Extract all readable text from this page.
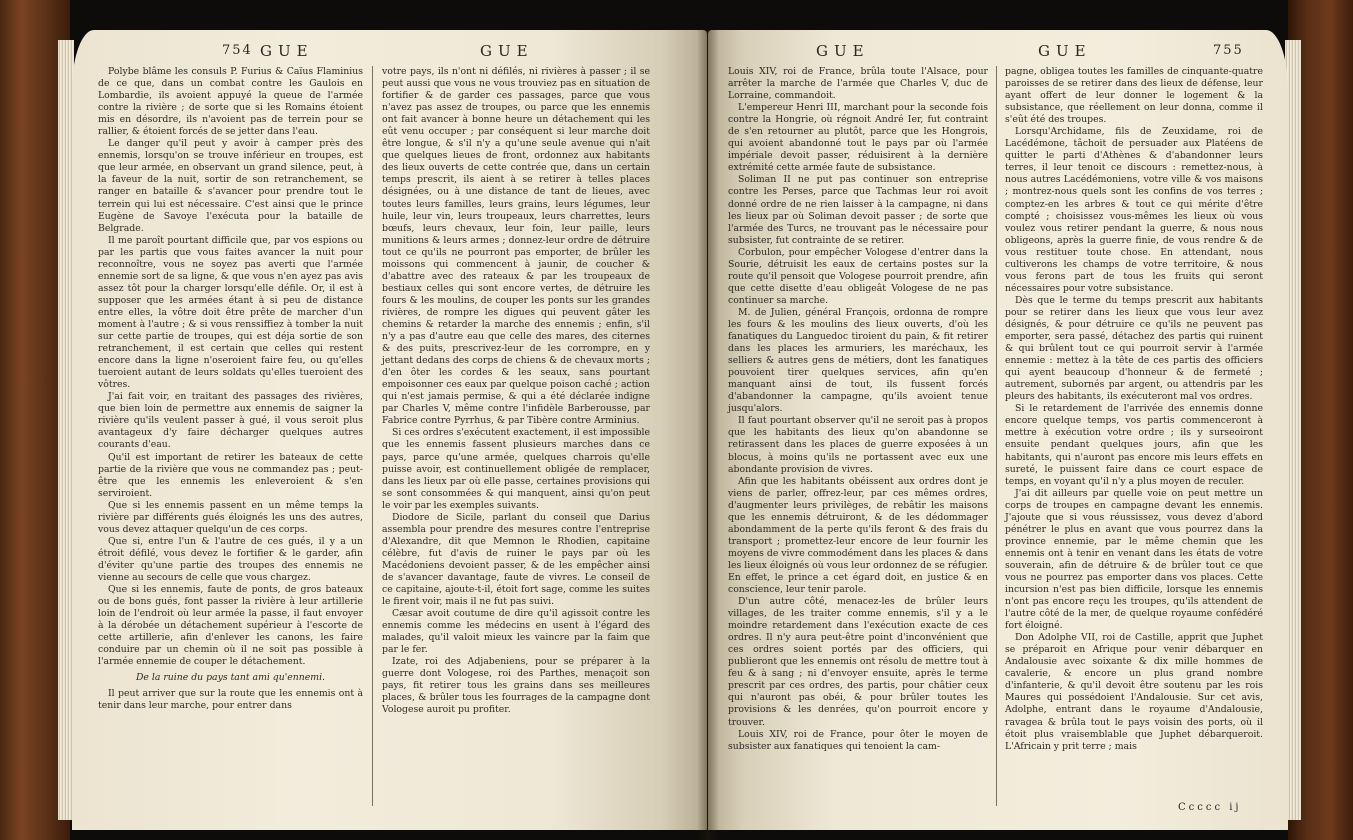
754 GUE	GUE

Polybe blâme les consuls P. Furius & Caïus Flaminius de ce que, dans un combat contre les Gaulois en Lombardie, ils avoient appuyé la queue de l'armée contre la rivière ; de sorte que si les Romains étoient mis en désordre, ils n'avoient pas de terrein pour se rallier, & étoient forcés de se jetter dans l'eau.

Le danger qu'il peut y avoir à camper près des ennemis, lorsqu'on se trouve inférieur en troupes, est que leur armée, en observant un grand silence, peut, à la faveur de la nuit, sortir de son retranchement, se ranger en bataille & s'avancer pour prendre tout le terrein qui lui est nécessaire. C'est ainsi que le prince Eugène de Savoye l'exécuta pour la bataille de Belgrade.

Il me paroît pourtant difficile que, par vos espions ou par les partis que vous faites avancer la nuit pour reconnoître, vous ne soyez pas averti que l'armée ennemie sort de sa ligne, & que vous n'en ayez pas avis assez tôt pour la charger lorsqu'elle défile. Or, il est à supposer que les armées étant à si peu de distance entre elles, la vôtre doit être prête de marcher d'un moment à l'autre ; & si vous renssiffiez à tomber la nuit sur cette partie de troupes, qui est déja sortie de son retranchement, il est certain que celles qui restent encore dans la ligne n'oseroient faire feu, ou qu'elles tueroient autant de leurs soldats qu'elles tueroient des vôtres.

J'ai fait voir, en traitant des passages des rivières, que bien loin de permettre aux ennemis de saigner la rivière qu'ils veulent passer à gué, il vous seroit plus avantageux d'y faire décharger quelques autres courants d'eau.

Qu'il est important de retirer les bateaux de cette partie de la rivière que vous ne commandez pas ; peut-être que les ennemis les enleveroient & s'en serviroient.

Que si les ennemis passent en un même temps la rivière par différents gués éloignés les uns des autres, vous devez attaquer quelqu'un de ces corps.

Que si, entre l'un & l'autre de ces gués, il y a un étroit défilé, vous devez le fortifier & le garder, afin d'éviter qu'une partie des troupes des ennemis ne vienne au secours de celle que vous chargez.

Que si les ennemis, faute de ponts, de gros bateaux ou de bons gués, font passer la rivière à leur artillerie loin de l'endroit où leur armée la passe, il faut envoyer à la dérobée un détachement supérieur à l'escorte de cette artillerie, afin d'enlever les canons, les faire conduire par un chemin où il ne soit pas possible à l'armée ennemie de couper le détachement.

De la ruine du pays tant ami qu'ennemi.

Il peut arriver que sur la route que les ennemis ont à tenir dans leur marche, pour entrer dans

votre pays, ils n'ont ni défilés, ni rivières à passer ; il se peut aussi que vous ne vous trouviez pas en situation de fortifier & de garder ces passages, parce que vous n'avez pas assez de troupes, ou parce que les ennemis ont fait avancer à bonne heure un détachement qui les eût venu occuper ; par conséquent si leur marche doit être longue, & s'il n'y a qu'une seule avenue qui n'ait que quelques lieues de front, ordonnez aux habitants des lieux ouverts de cette contrée que, dans un certain temps prescrit, ils aient à se retirer à telles places désignées, ou à une distance de tant de lieues, avec toutes leurs familles, leurs grains, leurs légumes, leur huile, leur vin, leurs troupeaux, leurs charrettes, leurs bœufs, leurs chevaux, leur foin, leur paille, leurs munitions & leurs armes ; donnez-leur ordre de détruire tout ce qu'ils ne pourront pas emporter, de brûler les moissons qui commencent à jaunir, de coucher & d'abattre avec des rateaux & par les troupeaux de bestiaux celles qui sont encore vertes, de détruire les fours & les moulins, de couper les ponts sur les grandes rivières, de rompre les digues qui peuvent gâter les chemins & retarder la marche des ennemis ; enfin, s'il n'y a pas d'autre eau que celle des mares, des citernes & des puits, prescrivez-leur de les corrompre, en y jettant dedans des corps de chiens & de chevaux morts ; d'en ôter les cordes & les seaux, sans pourtant empoisonner ces eaux par quelque poison caché ; action qui n'est jamais permise, & qui a été déclarée indigne par Charles V, même contre l'infidèle Barberousse, par Fabrice contre Pyrrhus, & par Tibère contre Arminius.

Si ces ordres s'exécutent exactement, il est impossible que les ennemis fassent plusieurs marches dans ce pays, parce qu'une armée, quelques charrois qu'elle puisse avoir, est continuellement obligée de remplacer, dans les lieux par où elle passe, certaines provisions qui se sont consommées & qui manquent, ainsi qu'on peut le voir par les exemples suivants.

Diodore de Sicile, parlant du conseil que Darius assembla pour prendre des mesures contre l'entreprise d'Alexandre, dit que Memnon le Rhodien, capitaine célèbre, fut d'avis de ruiner le pays par où les Macédoniens devoient passer, & de les empêcher ainsi de s'avancer davantage, faute de vivres. Le conseil de ce capitaine, ajoute-t-il, étoit fort sage, comme les suites le firent voir, mais il ne fut pas suivi.

Cæsar avoit coutume de dire qu'il agissoit contre les ennemis comme les médecins en usent à l'égard des malades, qu'il valoit mieux les vaincre par la faim que par le fer.

Izate, roi des Adjabeniens, pour se préparer à la guerre dont Vologese, roi des Parthes, menaçoit son pays, fit retirer tous les grains dans ses meilleures places, & brûler tous les fourrages de la campagne dont Vologese auroit pu profiter.

GUE	GUE	755

Louis XIV, roi de France, brûla toute l'Alsace, pour arrêter la marche de l'armée que Charles V, duc de Lorraine, commandoit.

L'empereur Henri III, marchant pour la seconde fois contre la Hongrie, où régnoit André Ier, fut contraint de s'en retourner au plutôt, parce que les Hongrois, qui avoient abandonné tout le pays par où l'armée impériale devoit passer, réduisirent à la dernière extrémité cette armée faute de subsistance.

Soliman II ne put pas continuer son entreprise contre les Perses, parce que Tachmas leur roi avoit donné ordre de ne rien laisser à la campagne, ni dans les lieux par où Soliman devoit passer ; de sorte que l'armée des Turcs, ne trouvant pas le nécessaire pour subsister, fut contrainte de se retirer.

Corbulon, pour empêcher Vologese d'entrer dans la Sourie, détruisit les eaux de certains postes sur la route qu'il pensoit que Vologese pourroit prendre, afin que cette disette d'eau obligeât Vologese de ne pas continuer sa marche.

M. de Julien, général François, ordonna de rompre les fours & les moulins des lieux ouverts, d'où les fanatiques du Languedoc tiroient du pain, & fit retirer dans les places les armuriers, les maréchaux, les selliers & autres gens de métiers, dont les fanatiques pouvoient tirer quelques services, afin qu'en manquant ainsi de tout, ils fussent forcés d'abandonner la campagne, qu'ils avoient tenue jusqu'alors.

Il faut pourtant observer qu'il ne seroit pas à propos que les habitants des lieux qu'on abandonne se retirassent dans les places de guerre exposées à un blocus, à moins qu'ils ne portassent avec eux une abondante provision de vivres.

Afin que les habitants obéissent aux ordres dont je viens de parler, offrez-leur, par ces mêmes ordres, d'augmenter leurs privilèges, de rebâtir les maisons que les ennemis détruiront, & de les dédommager abondamment de la perte qu'ils feront & des frais du transport ; promettez-leur encore de leur fournir les moyens de vivre commodément dans les places & dans les lieux éloignés où vous leur ordonnez de se réfugier. En effet, le prince a cet égard doit, en justice & en conscience, leur tenir parole.

D'un autre côté, menacez-les de brûler leurs villages, de les traiter comme ennemis, s'il y a le moindre retardement dans l'exécution exacte de ces ordres. Il n'y aura peut-être point d'inconvénient que ces ordres soient portés par des officiers, qui publieront que les ennemis ont résolu de mettre tout à feu & à sang ; ni d'envoyer ensuite, après le terme prescrit par ces ordres, des partis, pour châtier ceux qui n'auront pas obéi, & pour brûler toutes les provisions & les denrées, qu'on pourroit encore y trouver.

Louis XIV, roi de France, pour ôter le moyen de subsister aux fanatiques qui tenoient la cam-

pagne, obligea toutes les familles de cinquante-quatre paroisses de se retirer dans des lieux de défense, leur ayant offert de leur donner le logement & la subsistance, que réellement on leur donna, comme il s'eût été des troupes.

Lorsqu'Archidame, fils de Zeuxidame, roi de Lacédémone, tâchoit de persuader aux Platéens de quitter le parti d'Athènes & d'abandonner leurs terres, il leur tenoit ce discours : remettez-nous, à nous autres Lacédémoniens, votre ville & vos maisons ; montrez-nous quels sont les confins de vos terres ; comptez-en les arbres & tout ce qui mérite d'être compté ; choisissez vous-mêmes les lieux où vous voulez vous retirer pendant la guerre, & nous nous obligeons, après la guerre finie, de vous rendre & de vous restituer toute chose. En attendant, nous cultiverons les champs de votre territoire, & nous vous ferons part de tous les fruits qui seront nécessaires pour votre subsistance.

Dès que le terme du temps prescrit aux habitants pour se retirer dans les lieux que vous leur avez désignés, & pour détruire ce qu'ils ne peuvent pas emporter, sera passé, détachez des partis qui ruinent & qui brûlent tout ce qui pourroit servir à l'armée ennemie : mettez à la tête de ces partis des officiers qui ayent beaucoup d'honneur & de fermeté ; autrement, subornés par argent, ou attendris par les pleurs des habitants, ils exécuteront mal vos ordres.

Si le retardement de l'arrivée des ennemis donne encore quelque temps, vos partis commenceront à mettre à exécution votre ordre ; ils y surseoiront ensuite pendant quelques jours, afin que les habitants, qui n'auront pas encore mis leurs effets en sureté, le puissent faire dans ce court espace de temps, en voyant qu'il n'y a plus moyen de reculer.

J'ai dit ailleurs par quelle voie on peut mettre un corps de troupes en campagne devant les ennemis. J'ajoute que si vous réussissez, vous devez d'abord pénétrer le plus en avant que vous pourrez dans la province ennemie, par le même chemin que les ennemis ont à tenir en venant dans les états de votre souverain, afin de détruire & de brûler tout ce que vous ne pourrez pas emporter dans vos places. Cette incursion n'est pas bien difficile, lorsque les ennemis n'ont pas encore reçu les troupes, qu'ils attendent de l'autre côté de la mer, de quelque royaume confédéré fort éloigné.

Don Adolphe VII, roi de Castille, apprit que Juphet se préparoit en Afrique pour venir débarquer en Andalousie avec soixante & dix mille hommes de cavalerie, & encore un plus grand nombre d'infanterie, & qu'il devoit être soutenu par les rois Maures qui possédoient l'Andalousie. Sur cet avis, Adolphe, entrant dans le royaume d'Andalousie, ravagea & brûla tout le pays voisin des ports, où il étoit plus vraisemblable que Juphet débarqueroit. L'Africain y prit terre ; mais

Ccccc ij
